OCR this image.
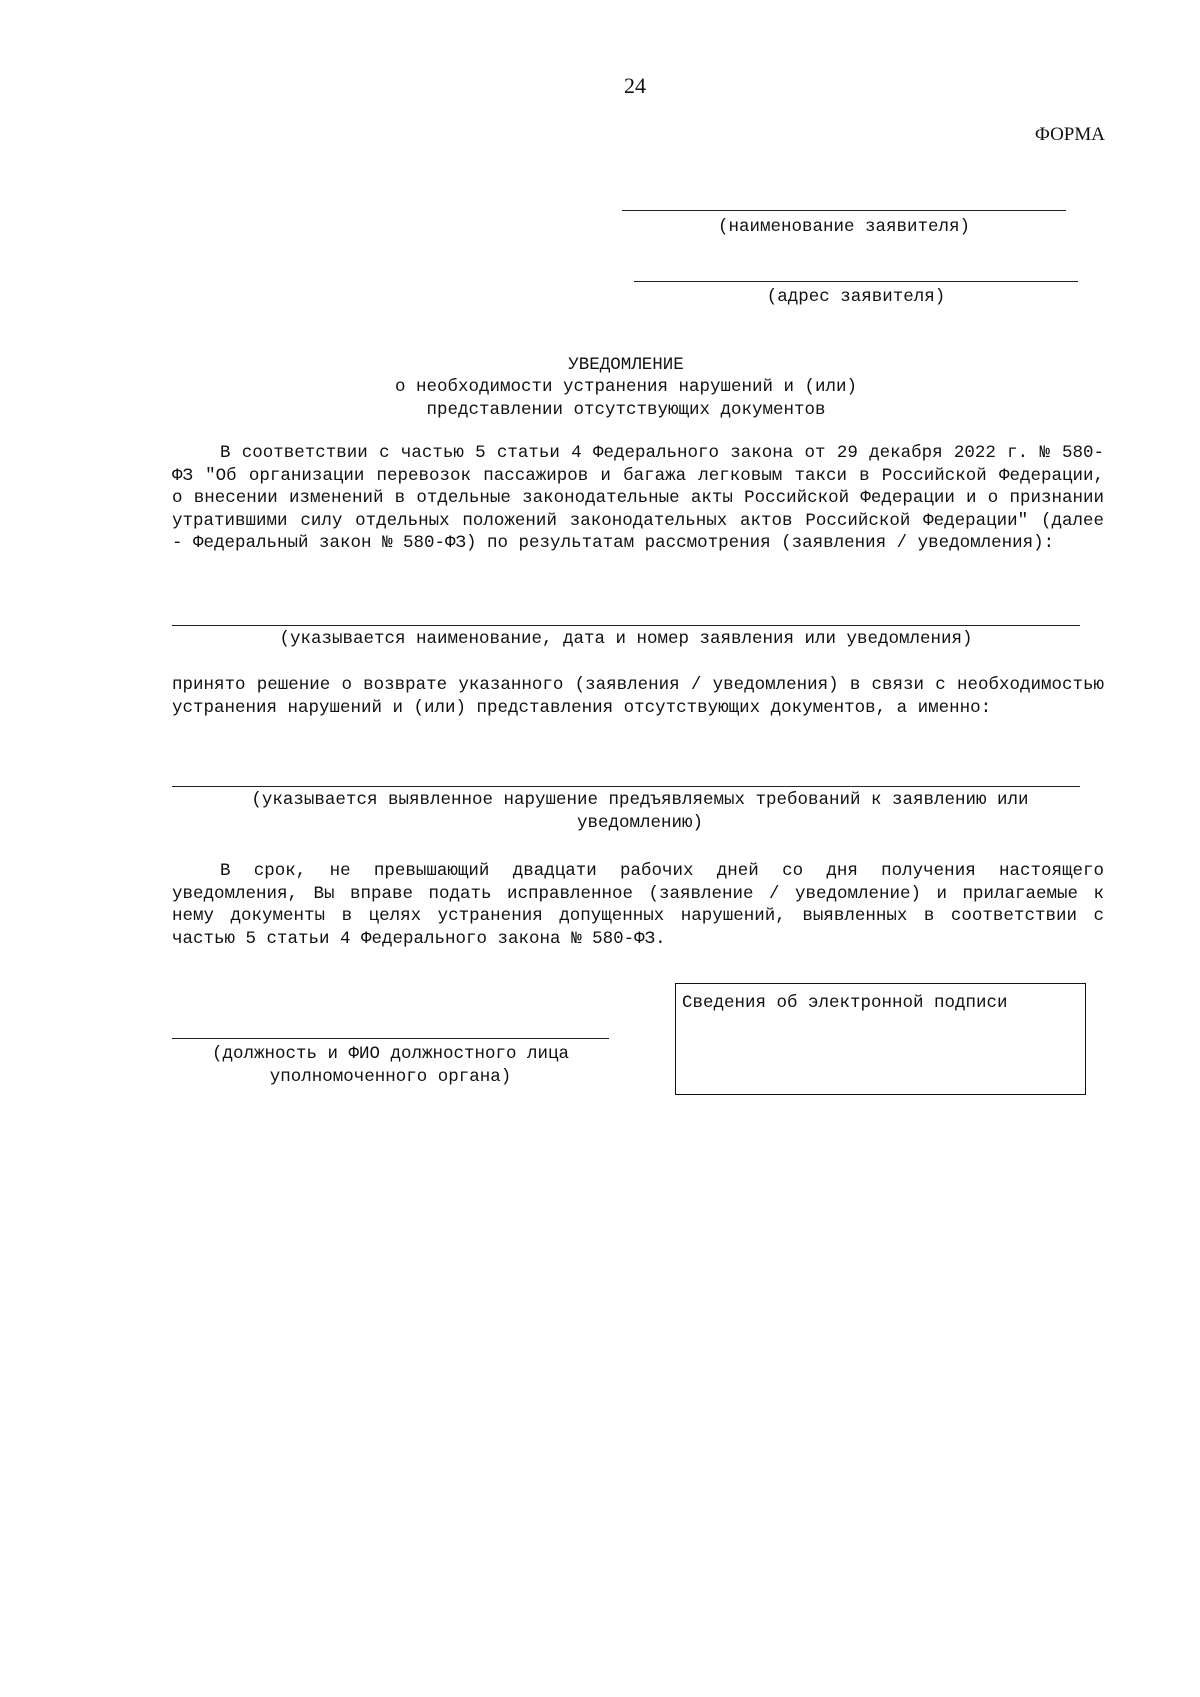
24
ФОРМА
(наименование заявителя)
(адрес заявителя)
УВЕДОМЛЕНИЕ
о необходимости устранения нарушений и (или)
представлении отсутствующих документов
В соответствии с частью 5 статьи 4 Федерального закона от 29 декабря 2022 г. № 580-ФЗ "Об организации перевозок пассажиров и багажа легковым такси в Российской Федерации, о внесении изменений в отдельные законодательные акты Российской Федерации и о признании утратившими силу отдельных положений законодательных актов Российской Федерации" (далее - Федеральный закон № 580-ФЗ) по результатам рассмотрения (заявления / уведомления):
(указывается наименование, дата и номер заявления или уведомления)
принято решение о возврате указанного (заявления / уведомления) в связи с необходимостью устранения нарушений и (или) представления отсутствующих документов, а именно:
(указывается выявленное нарушение предъявляемых требований к заявлению или уведомлению)
В срок, не превышающий двадцати рабочих дней со дня получения настоящего уведомления, Вы вправе подать исправленное (заявление / уведомление) и прилагаемые к нему документы в целях устранения допущенных нарушений, выявленных в соответствии с частью 5 статьи 4 Федерального закона № 580-ФЗ.
(должность и ФИО должностного лица уполномоченного органа)
Сведения об электронной подписи
